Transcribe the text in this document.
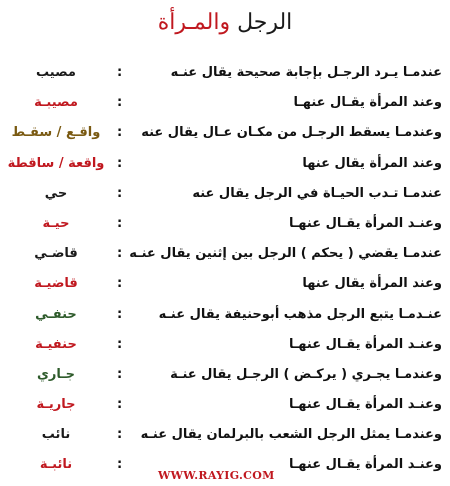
الرجل والمـرأة
عندمـا يـرد الرجـل بإجابة صحيحة يقال عنـه
:
مصيب
وعند المرأة يقـال عنهـا
:
مصيبـة
وعندمـا يسقط الرجـل من مكـان عـال يقال عنه
:
واقـع / سقـط
وعند المرأة يقال عنها
:
واقعة / ساقطة
عندمـا تـدب الحيـاة في الرجل يقال عنه
:
حي
وعنـد المرأة يقـال عنهـا
:
حيـة
عندمـا يقضي ( يحكم ) الرجل بين إثنين يقال عنـه
:
قاضـي
وعند المرأة يقال عنها
:
قاضيـة
عنـدمـا يتبع الرجل مذهب أبوحنيفة يقال عنـه
:
حنفـي
وعنـد المرأة يقـال عنهـا
:
حنفيـة
وعندمـا يجـري ( يركـض ) الرجـل يقال عنـة
:
جـاري
وعنـد المرأة يقـال عنهـا
:
جاريـة
وعندمـا يمثل الرجل الشعب بالبرلمان يقال عنـه
:
نائب
وعنـد المرأة يقـال عنهـا
:
نائبـة
WWW.RAYIG.COM
